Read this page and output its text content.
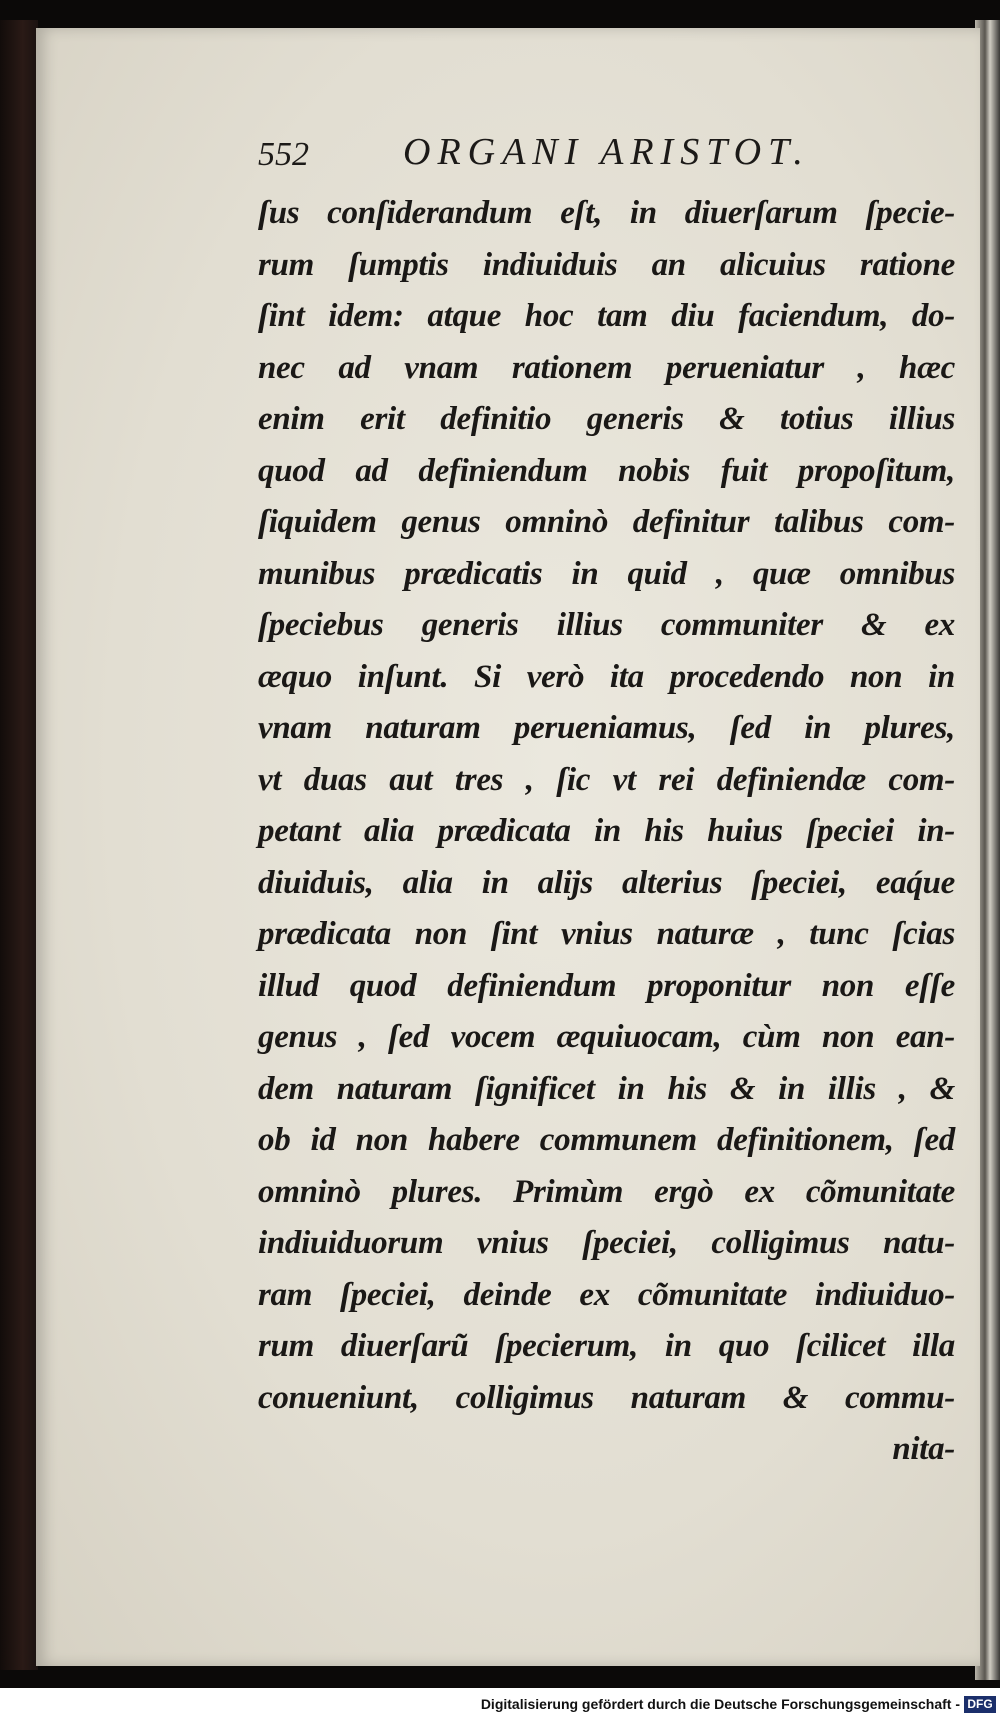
552 ORGANI ARISTOT.
ſus conſiderandum eſt, in diuerſarum ſpecie-
rum ſumptis indiuiduis an alicuius ratione
ſint idem: atque hoc tam diu faciendum, do-
nec ad vnam rationem perueniatur , hæc
enim erit definitio generis & totius illius
quod ad definiendum nobis fuit propoſitum,
ſiquidem genus omninò definitur talibus com-
munibus prædicatis in quid , quæ omnibus
ſpeciebus generis illius communiter & ex
æquo inſunt. Si verò ita procedendo non in
vnam naturam perueniamus, ſed in plures,
vt duas aut tres , ſic vt rei definiendæ com-
petant alia prædicata in his huius ſpeciei in-
diuiduis, alia in aliјs alterius ſpeciei, eaq́ue
prædicata non ſint vnius naturæ , tunc ſcias
illud quod definiendum proponitur non eſſe
genus , ſed vocem æquiuocam, cùm non ean-
dem naturam ſignificet in his & in illis , &
ob id non habere communem definitionem, ſed
omninò plures. Primùm ergò ex cõmunitate
indiuiduorum vnius ſpeciei, colligimus natu-
ram ſpeciei, deinde ex cõmunitate indiuiduo-
rum diuerſarũ ſpecierum, in quo ſcilicet illa
conueniunt, colligimus naturam & commu-
nita-
Digitalisierung gefördert durch die Deutsche Forschungsgemeinschaft - DFG
